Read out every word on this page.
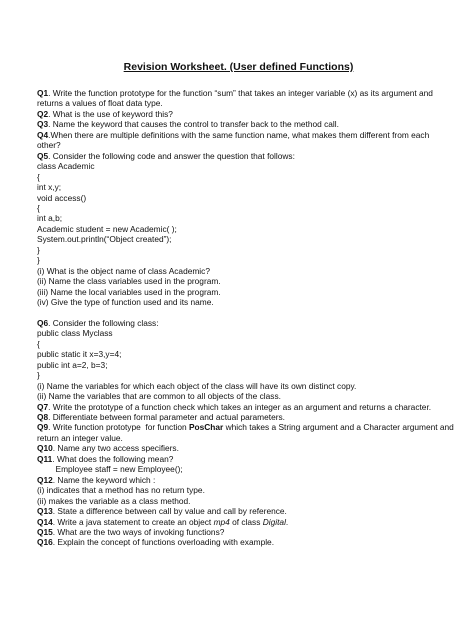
Revision Worksheet. (User defined Functions)
Q1. Write the function prototype for the function “sum” that takes an integer variable (x) as its argument and
returns a values of float data type.
Q2. What is the use of keyword this?
Q3. Name the keyword that causes the control to transfer back to the method call.
Q4.When there are multiple definitions with the same function name, what makes them different from each
other?
Q5. Consider the following code and answer the question that follows:
class Academic
{
int x,y;
void access()
{
int a,b;
Academic student = new Academic( );
System.out.println(“Object created”);
}
}
(i) What is the object name of class Academic?
(ii) Name the class variables used in the program.
(iii) Name the local variables used in the program.
(iv) Give the type of function used and its name.
Q6. Consider the following class:
public class Myclass
{
public static it x=3,y=4;
public int a=2, b=3;
}
(i) Name the variables for which each object of the class will have its own distinct copy.
(ii) Name the variables that are common to all objects of the class.
Q7. Write the prototype of a function check which takes an integer as an argument and returns a character.
Q8. Differentiate between formal parameter and actual parameters.
Q9. Write function prototype  for function PosChar which takes a String argument and a Character argument and
return an integer value.
Q10. Name any two access specifiers.
Q11. What does the following mean?
Employee staff = new Employee();
Q12. Name the keyword which :
(i) indicates that a method has no return type.
(ii) makes the variable as a class method.
Q13. State a difference between call by value and call by reference.
Q14. Write a java statement to create an object mp4 of class Digital.
Q15. What are the two ways of invoking functions?
Q16. Explain the concept of functions overloading with example.
